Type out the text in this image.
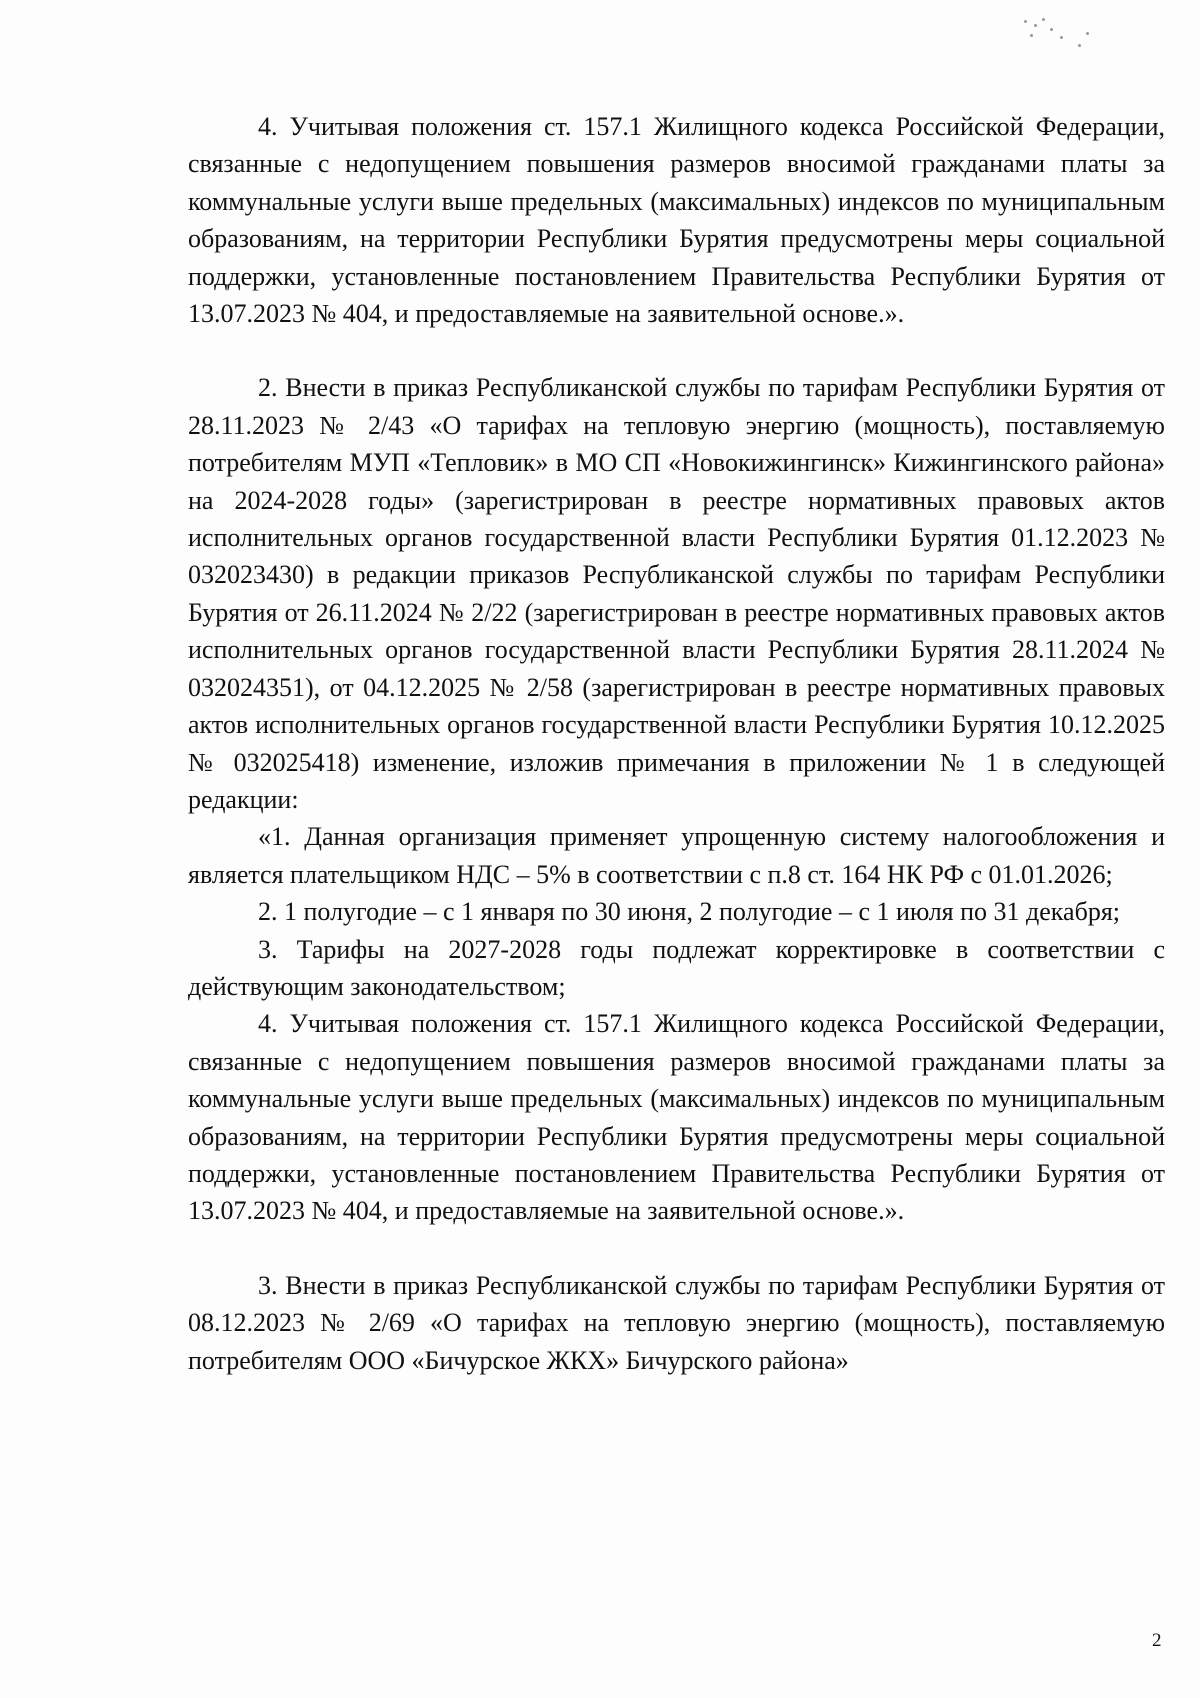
4. Учитывая положения ст. 157.1 Жилищного кодекса Российской Федерации, связанные с недопущением повышения размеров вносимой гражданами платы за коммунальные услуги выше предельных (максимальных) индексов по муниципальным образованиям, на территории Республики Бурятия предусмотрены меры социальной поддержки, установленные постановлением Правительства Республики Бурятия от 13.07.2023 № 404, и предоставляемые на заявительной основе.».

2. Внести в приказ Республиканской службы по тарифам Республики Бурятия от 28.11.2023 № 2/43 «О тарифах на тепловую энергию (мощность), поставляемую потребителям МУП «Тепловик» в МО СП «Новокижингинск» Кижингинского района» на 2024-2028 годы» (зарегистрирован в реестре нормативных правовых актов исполнительных органов государственной власти Республики Бурятия 01.12.2023 № 032023430) в редакции приказов Республиканской службы по тарифам Республики Бурятия от 26.11.2024 № 2/22 (зарегистрирован в реестре нормативных правовых актов исполнительных органов государственной власти Республики Бурятия 28.11.2024 № 032024351), от 04.12.2025 № 2/58 (зарегистрирован в реестре нормативных правовых актов исполнительных органов государственной власти Республики Бурятия 10.12.2025 № 032025418) изменение, изложив примечания в приложении № 1 в следующей редакции:

«1. Данная организация применяет упрощенную систему налогообложения и является плательщиком НДС – 5% в соответствии с п.8 ст. 164 НК РФ с 01.01.2026;

2. 1 полугодие – с 1 января по 30 июня, 2 полугодие – с 1 июля по 31 декабря;

3. Тарифы на 2027-2028 годы подлежат корректировке в соответствии с действующим законодательством;

4. Учитывая положения ст. 157.1 Жилищного кодекса Российской Федерации, связанные с недопущением повышения размеров вносимой гражданами платы за коммунальные услуги выше предельных (максимальных) индексов по муниципальным образованиям, на территории Республики Бурятия предусмотрены меры социальной поддержки, установленные постановлением Правительства Республики Бурятия от 13.07.2023 № 404, и предоставляемые на заявительной основе.».

3. Внести в приказ Республиканской службы по тарифам Республики Бурятия от 08.12.2023 № 2/69 «О тарифах на тепловую энергию (мощность), поставляемую потребителям ООО «Бичурское ЖКХ» Бичурского района»

2
